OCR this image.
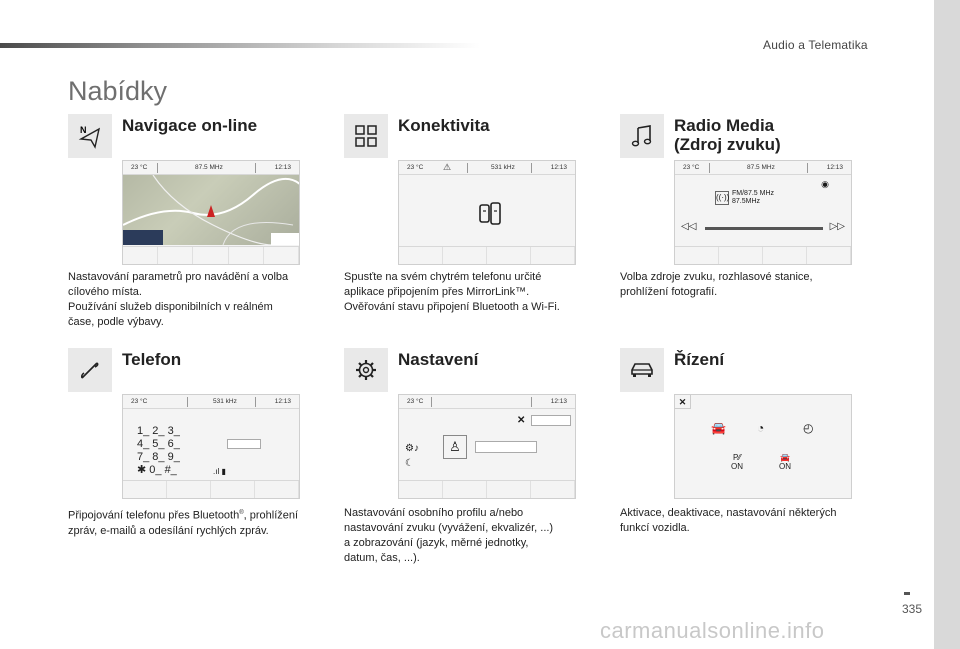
Audio a Telematika
Nabídky
N Navigace on-line
23 °C	87.5 MHz	12:13
Nastavování parametrů pro navádění a volba
cílového místa.
Používání služeb disponibilních v reálném
čase, podle výbavy.
Konektivita
23 °C ⚠	531 kHz	12:13
Spusťte na svém chytrém telefonu určité
aplikace připojením přes MirrorLink™.
Ověřování stavu připojení Bluetooth a Wi-Fi.
Radio Media
(Zdroj zvuku)
23 °C	87.5 MHz	12:13
((·)) FM/87.5 MHz
87.5MHz
◉
◁◁	▷▷
Volba zdroje zvuku, rozhlasové stanice,
prohlížení fotografií.
Telefon
23 °C	531 kHz	12:13
1_ 2_ 3_
4_ 5_ 6_
7_ 8_ 9_
✱ 0_ #_	.ıl ▮
Připojování telefonu přes Bluetooth®, prohlížení
zpráv, e-mailů a odesílání rychlých zpráv.
Nastavení
23 °C	12:13
✕
♙
⚙♪
☾
Nastavování osobního profilu a/nebo
nastavování zvuku (vyvážení, ekvalizér, ...)
a zobrazování (jazyk, měrné jednotky,
datum, čas, ...).
Řízení
✕
🚘	◔	◴
P⁄⁄
ON
🚘
ON
Aktivace, deaktivace, nastavování některých
funkcí vozidla.
335
carmanualsonline.info
